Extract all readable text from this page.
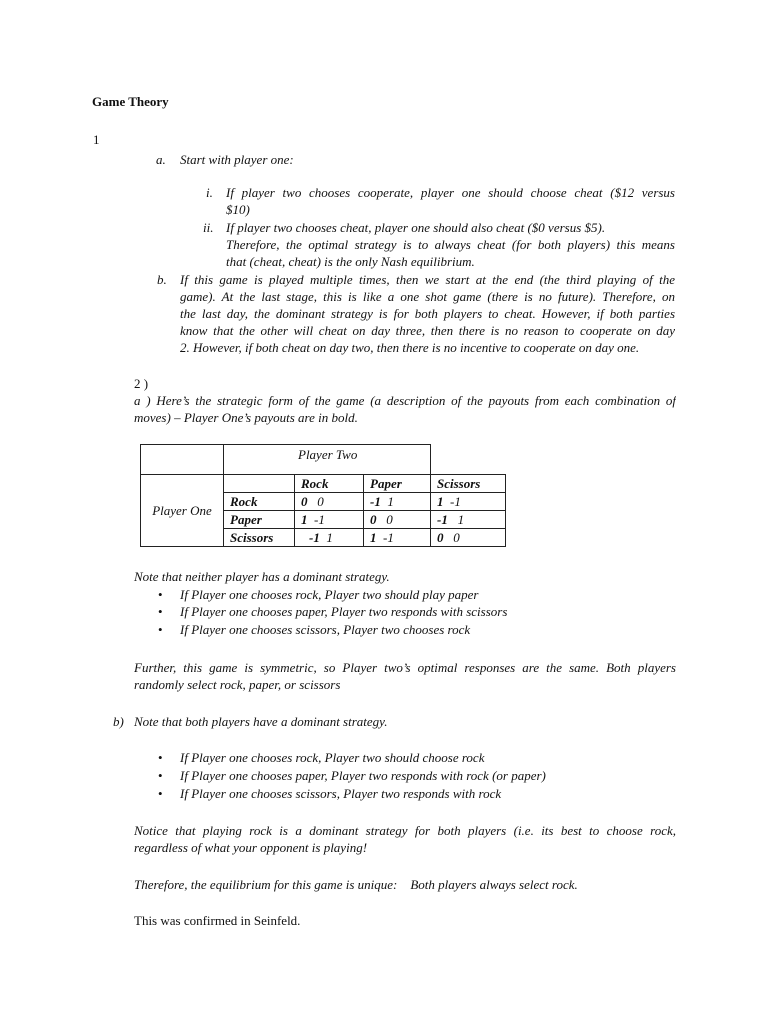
Game Theory
1
a. Start with player one:
i. If player two chooses cooperate, player one should choose cheat ($12 versus
$10)
ii. If player two chooses cheat, player one should also cheat ($0 versus $5).
Therefore, the optimal strategy is to always cheat (for both players) this means
that (cheat, cheat) is the only Nash equilibrium.
b. If this game is played multiple times, then we start at the end (the third playing of the
game). At the last stage, this is like a one shot game (there is no future). Therefore, on
the last day, the dominant strategy is for both players to cheat. However, if both parties
know that the other will cheat on day three, then there is no reason to cooperate on day
2. However, if both cheat on day two, then there is no incentive to cooperate on day one.
2 )
a ) Here’s the strategic form of the game (a description of the payouts from each combination of
moves) – Player One’s payouts are in bold.
	Player Two			
Player One		Rock	Paper	Scissors
	Rock	0 0	-1 1	1 -1
	Paper	1 -1	0 0	-1 1
	Scissors	-1 1	1 -1	0 0
Note that neither player has a dominant strategy.
• If Player one chooses rock, Player two should play paper
• If Player one chooses paper, Player two responds with scissors
• If Player one chooses scissors, Player two chooses rock
Further, this game is symmetric, so Player two’s optimal responses are the same. Both players
randomly select rock, paper, or scissors
b) Note that both players have a dominant strategy.
• If Player one chooses rock, Player two should choose rock
• If Player one chooses paper, Player two responds with rock (or paper)
• If Player one chooses scissors, Player two responds with rock
Notice that playing rock is a dominant strategy for both players (i.e. its best to choose rock,
regardless of what your opponent is playing!
Therefore, the equilibrium for this game is unique:    Both players always select rock.
This was confirmed in Seinfeld.
